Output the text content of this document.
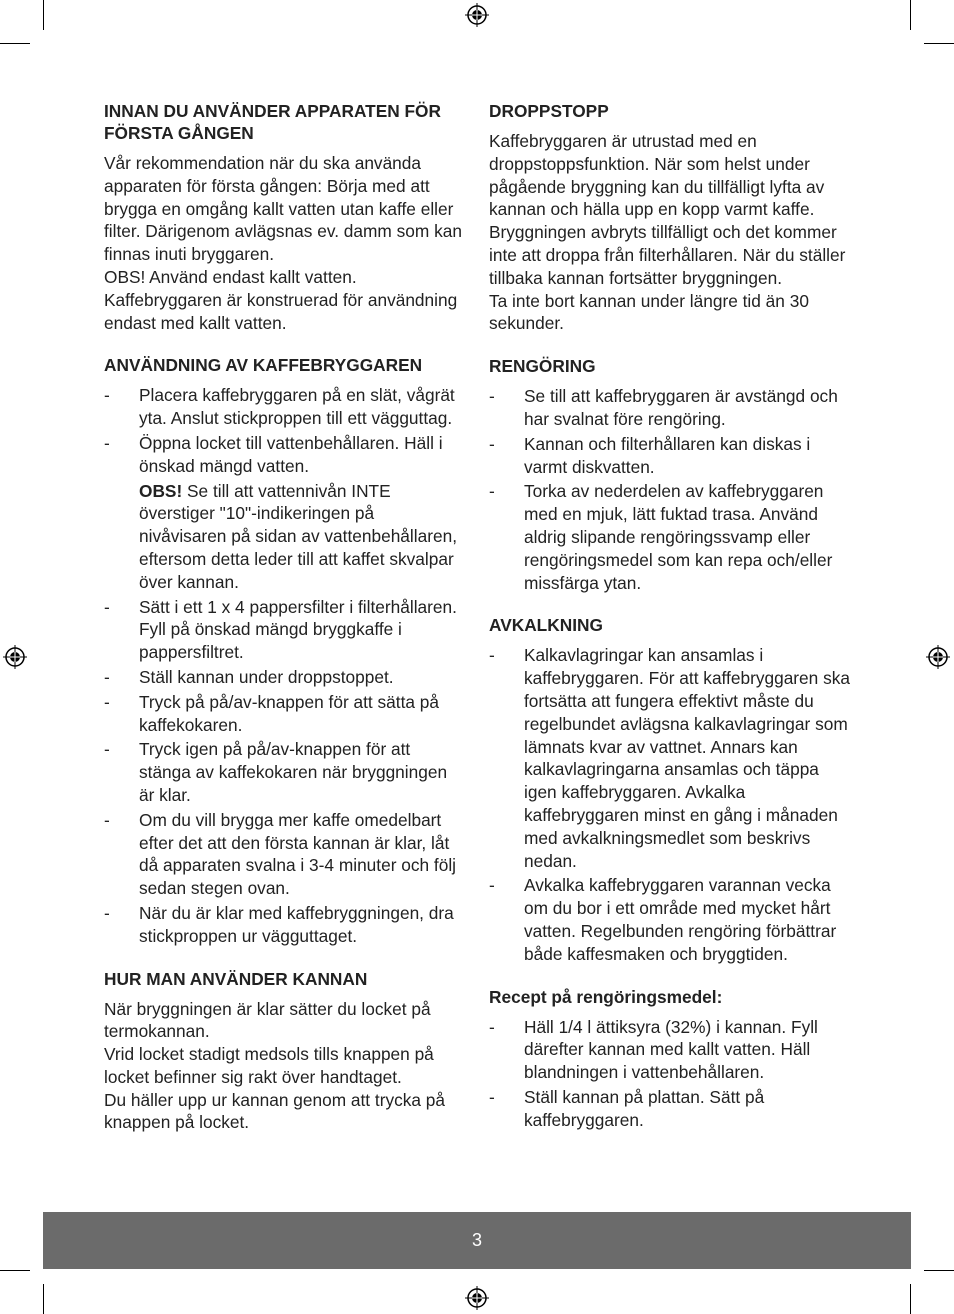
INNAN DU ANVÄNDER APPARATEN FÖR FÖRSTA GÅNGEN

Vår rekommendation när du ska använda apparaten för första gången: Börja med att brygga en omgång kallt vatten utan kaffe eller filter. Därigenom avlägsnas ev. damm som kan finnas inuti bryggaren.
OBS! Använd endast kallt vatten.
Kaffebryggaren är konstruerad för användning endast med kallt vatten.

ANVÄNDNING AV KAFFEBRYGGAREN
- Placera kaffebryggaren på en slät, vågrät yta. Anslut stickproppen till ett vägguttag.
- Öppna locket till vattenbehållaren. Häll i önskad mängd vatten.
OBS! Se till att vattennivån INTE överstiger "10"-indikeringen på nivåvisaren på sidan av vattenbehållaren, eftersom detta leder till att kaffet skvalpar över kannan.
- Sätt i ett 1 x 4 pappersfilter i filterhållaren. Fyll på önskad mängd bryggkaffe i pappersfiltret.
- Ställ kannan under droppstoppet.
- Tryck på på/av-knappen för att sätta på kaffekokaren.
- Tryck igen på på/av-knappen för att stänga av kaffekokaren när bryggningen är klar.
- Om du vill brygga mer kaffe omedelbart efter det att den första kannan är klar, låt då apparaten svalna i 3-4 minuter och följ sedan stegen ovan.
- När du är klar med kaffebryggningen, dra stickproppen ur vägguttaget.
HUR MAN ANVÄNDER KANNAN

När bryggningen är klar sätter du locket på termokannan.
Vrid locket stadigt medsols tills knappen på locket befinner sig rakt över handtaget.
Du häller upp ur kannan genom att trycka på knappen på locket.

DROPPSTOPP

Kaffebryggaren är utrustad med en droppstoppsfunktion. När som helst under pågående bryggning kan du tillfälligt lyfta av kannan och hälla upp en kopp varmt kaffe. Bryggningen avbryts tillfälligt och det kommer inte att droppa från filterhållaren. När du ställer tillbaka kannan fortsätter bryggningen.
Ta inte bort kannan under längre tid än 30 sekunder.

RENGÖRING
- Se till att kaffebryggaren är avstängd och har svalnat före rengöring.
- Kannan och filterhållaren kan diskas i varmt diskvatten.
- Torka av nederdelen av kaffebryggaren med en mjuk, lätt fuktad trasa. Använd aldrig slipande rengöringssvamp eller rengöringsmedel som kan repa och/eller missfärga ytan.
AVKALKNING
- Kalkavlagringar kan ansamlas i kaffebryggaren. För att kaffebryggaren ska fortsätta att fungera effektivt måste du regelbundet avlägsna kalkavlagringar som lämnats kvar av vattnet. Annars kan kalkavlagringarna ansamlas och täppa igen kaffebryggaren. Avkalka kaffebryggaren minst en gång i månaden med avkalkningsmedlet som beskrivs nedan.
- Avkalka kaffebryggaren varannan vecka om du bor i ett område med mycket hårt vatten. Regelbunden rengöring förbättrar både kaffesmaken och bryggtiden.
Recept på rengöringsmedel:
- Häll 1/4 l ättiksyra (32%) i kannan. Fyll därefter kannan med kallt vatten. Häll blandningen i vattenbehållaren.
- Ställ kannan på plattan. Sätt på kaffebryggaren.
3
